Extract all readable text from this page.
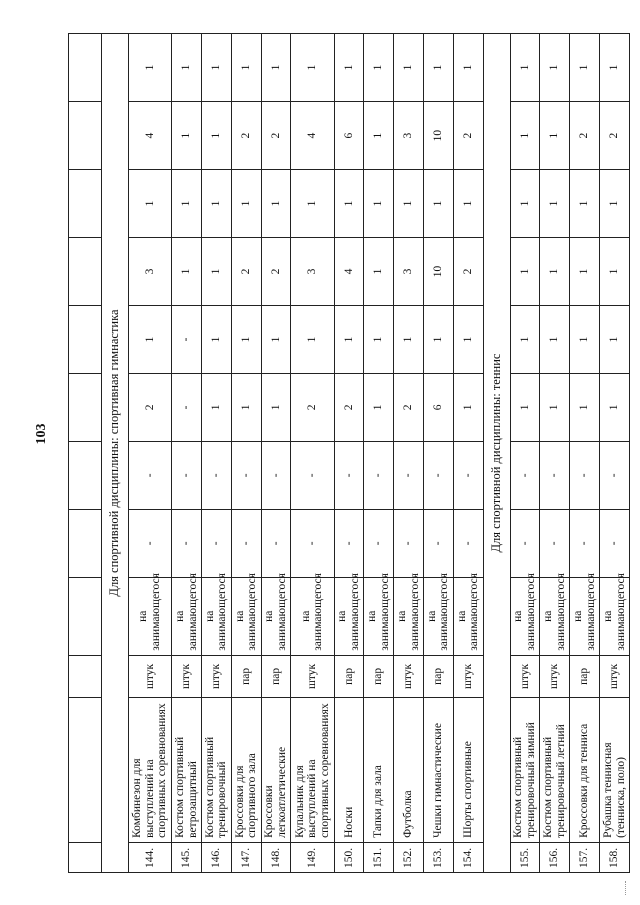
103
												Для спортивной дисциплины: спортивная гимнастика											
144.	Комбинезон для выступлений на спортивных соревнованиях	штук	на занимающегося	-	-	2	1	3	1	4	1
145.	Костюм спортивный ветрозащитный	штук	на занимающегося	-	-	-	-	1	1	1	1
146.	Костюм спортивный тренировочный	штук	на занимающегося	-	-	1	1	1	1	1	1
147.	Кроссовки для спортивного зала	пар	на занимающегося	-	-	1	1	2	1	2	1
148.	Кроссовки легкоатлетические	пар	на занимающегося	-	-	1	1	2	1	2	1
149.	Купальник для выступлений на спортивных соревнованиях	штук	на занимающегося	-	-	2	1	3	1	4	1
150.	Носки	пар	на занимающегося	-	-	2	1	4	1	6	1
151.	Тапки для зала	пар	на занимающегося	-	-	1	1	1	1	1	1
152.	Футболка	штук	на занимающегося	-	-	2	1	3	1	3	1
153.	Чешки гимнастические	пар	на занимающегося	-	-	6	1	10	1	10	1
154.	Шорты спортивные	штук	на занимающегося	-	-	1	1	2	1	2	1
Для спортивной дисциплины: теннис											
155.	Костюм спортивный тренировочный зимний	штук	на занимающегося	-	-	1	1	1	1	1	1
156.	Костюм спортивный тренировочный летний	штук	на занимающегося	-	-	1	1	1	1	1	1
157.	Кроссовки для тенниса	пар	на занимающегося	-	-	1	1	1	1	2	1
158.	Рубашка теннисная (тенниска, поло)	штук	на занимающегося	-	-	1	1	1	1	2	1
